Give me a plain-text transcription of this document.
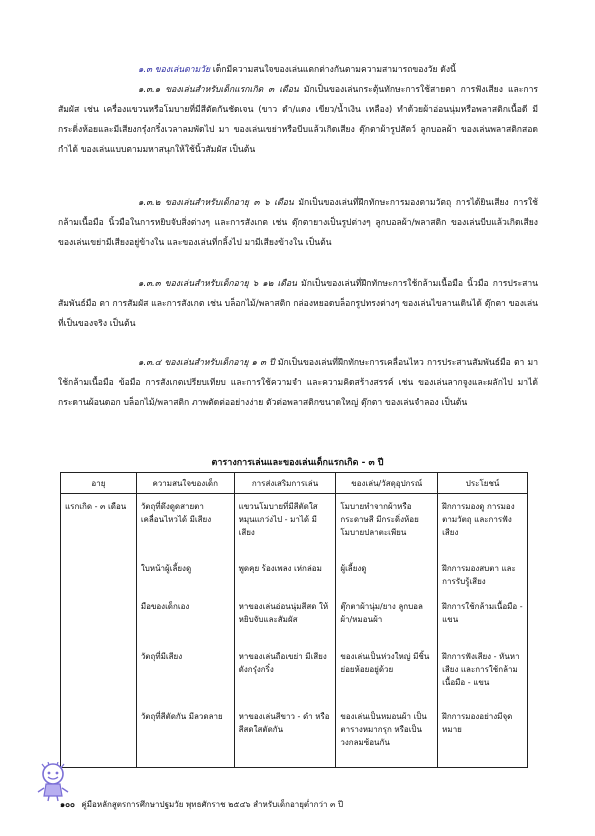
๑.๓ ของเล่นตามวัย เด็กมีความสนใจของเล่นแตกต่างกันตามความสามารถของวัย ดังนี้
๑.๓.๑ ของเล่นสำหรับเด็กแรกเกิด ๓ เดือน มักเป็นของเล่นกระตุ้นทักษะการใช้สายตา การฟังเสียง และการสัมผัส เช่น เครื่องแขวนหรือโมบายที่มีสีตัดกันชัดเจน (ขาว ดำ/แดง เขียว/น้ำเงิน เหลือง) ทำด้วยผ้าอ่อนนุ่มหรือพลาสติกเนื้อดี มีกระดิ่งห้อยและมีเสียงกรุ๋งกริ๋งเวลาลมพัดไป มา ของเล่นเขย่าหรือบีบแล้วเกิดเสียง ตุ๊กตาผ้ารูปสัตว์ ลูกบอลผ้า ของเล่นพลาสติกสอดกำได้ ของเล่นแบบตามมหาสนุกให้ใช้นิ้วสัมผัส เป็นต้น
๑.๓.๒ ของเล่นสำหรับเด็กอายุ ๓ ๖ เดือน มักเป็นของเล่นที่ฝึกทักษะการมองตามวัตถุ การได้ยินเสียง การใช้กล้ามเนื้อมือ นิ้วมือในการหยิบจับสิ่งต่างๆ และการสังเกต เช่น ตุ๊กตายางเป็นรูปต่างๆ ลูกบอลผ้า/พลาสติก ของเล่นบีบแล้วเกิดเสียง ของเล่นเขย่ามีเสียงอยู่ข้างใน และของเล่นที่กลิ้งไป มามีเสียงข้างใน เป็นต้น
๑.๓.๓ ของเล่นสำหรับเด็กอายุ ๖ ๑๒ เดือน มักเป็นของเล่นที่ฝึกทักษะการใช้กล้ามเนื้อมือ นิ้วมือ การประสานสัมพันธ์มือ ตา การสัมผัส และการสังเกต เช่น บล็อกไม้/พลาสติก กล่องหยอดบล็อกรูปทรงต่างๆ ของเล่นไขลานเดินได้ ตุ๊กตา ของเล่นที่เป็นของจริง เป็นต้น
๑.๓.๔ ของเล่นสำหรับเด็กอายุ ๑ ๓ ปี มักเป็นของเล่นที่ฝึกทักษะการเคลื่อนไหว การประสานสัมพันธ์มือ ตา มาใช้กล้ามเนื้อมือ ข้อมือ การสังเกตเปรียบเทียบ และการใช้ความจำ และความคิดสร้างสรรค์ เช่น ของเล่นลากจูงและผลักไป มาได้ กระดานผ้อนดอก บล็อกไม้/พลาสติก ภาพตัดต่ออย่างง่าย ตัวต่อพลาสติกขนาดใหญ่ ตุ๊กตา ของเล่นจำลอง เป็นต้น
ตารางการเล่นและของเล่นเด็กแรกเกิด - ๓ ปี
อายุ	ความสนใจของเด็ก	การส่งเสริมการเล่น	ของเล่น/วัสดุอุปกรณ์	ประโยชน์
แรกเกิด - ๓ เดือน	วัตถุที่ดึงดูดสายตา เคลื่อนไหวได้ มีเสียง	แขวนโมบายที่มีสีตัดใส หมุนแกว่งไป - มาได้ มีเสียง	โมบายทำจากผ้าหรือกระดาษสี มีกระดิ่งห้อย โมบายปลาตะเพียน	ฝึกการมองดู การมองตามวัตถุ และการฟังเสียง
	ใบหน้าผู้เลี้ยงดู	พูดคุย ร้องเพลง เห่กล่อม	ผู้เลี้ยงดู	ฝึกการมองสบตา และการรับรู้เสียง
	มือของเด็กเอง	หาของเล่นอ่อนนุ่มสีสด ให้หยิบจับและสัมผัส	ตุ๊กตาผ้านุ่ม/ยาง ลูกบอลผ้า/หมอนผ้า	ฝึกการใช้กล้ามเนื้อมือ - แขน
	วัตถุที่มีเสียง	หาของเล่นถือเขย่า มีเสียงดังกรุ๋งกริ๋ง	ของเล่นเป็นห่วงใหญ่ มีชิ้นย่อยห้อยอยู่ด้วย	ฝึกการฟังเสียง - หันหาเสียง และการใช้กล้ามเนื้อมือ - แขน
	วัตถุที่สีตัดกัน มีลวดลาย	หาของเล่นสีขาว - ดำ หรือสีสดใสตัดกัน	ของเล่นเป็นหมอนผ้า เป็นตารางหมากรุก หรือเป็นวงกลมซ้อนกัน	ฝึกการมองอย่างมีจุดหมาย
๑๐๐ คู่มือหลักสูตรการศึกษาปฐมวัย พุทธศักราช ๒๕๔๖ สำหรับเด็กอายุต่ำกว่า ๓ ปี
